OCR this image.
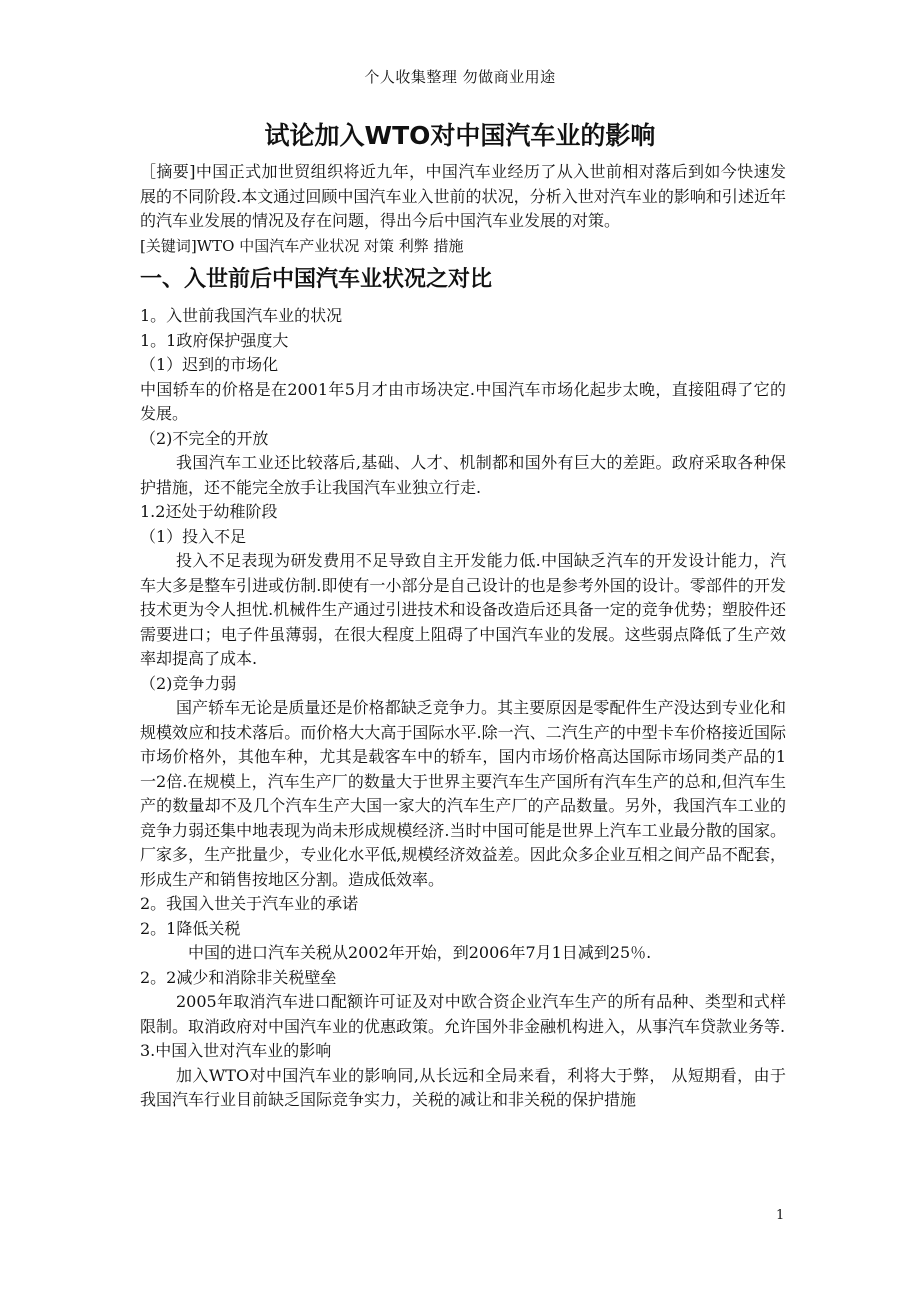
个人收集整理 勿做商业用途
试论加入WTO对中国汽车业的影响

［摘要]中国正式加世贸组织将近九年，中国汽车业经历了从入世前相对落后到如今快速发展的不同阶段.本文通过回顾中国汽车业入世前的状况，分析入世对汽车业的影响和引述近年的汽车业发展的情况及存在问题，得出今后中国汽车业发展的对策。

[关键词]WTO 中国汽车产业状况 对策 利弊 措施

一、入世前后中国汽车业状况之对比

1。入世前我国汽车业的状况

1。1政府保护强度大

（1）迟到的市场化

中国轿车的价格是在2001年5月才由市场决定.中国汽车市场化起步太晚，直接阻碍了它的发展。

（2)不完全的开放

我国汽车工业还比较落后,基础、人才、机制都和国外有巨大的差距。政府采取各种保护措施，还不能完全放手让我国汽车业独立行走.

1.2还处于幼稚阶段

（1）投入不足

投入不足表现为研发费用不足导致自主开发能力低.中国缺乏汽车的开发设计能力，汽车大多是整车引进或仿制.即使有一小部分是自己设计的也是参考外国的设计。零部件的开发技术更为令人担忧.机械件生产通过引进技术和设备改造后还具备一定的竞争优势；塑胶件还需要进口；电子件虽薄弱，在很大程度上阻碍了中国汽车业的发展。这些弱点降低了生产效率却提高了成本.

（2)竞争力弱

国产轿车无论是质量还是价格都缺乏竞争力。其主要原因是零配件生产没达到专业化和规模效应和技术落后。而价格大大高于国际水平.除一汽、二汽生产的中型卡车价格接近国际市场价格外，其他车种，尤其是载客车中的轿车，国内市场价格高达国际市场同类产品的1一2倍.在规模上，汽车生产厂的数量大于世界主要汽车生产国所有汽车生产的总和,但汽车生产的数量却不及几个汽车生产大国一家大的汽车生产厂的产品数量。另外，我国汽车工业的竞争力弱还集中地表现为尚未形成规模经济.当时中国可能是世界上汽车工业最分散的国家。厂家多，生产批量少，专业化水平低,规模经济效益差。因此众多企业互相之间产品不配套，形成生产和销售按地区分割。造成低效率。

2。我国入世关于汽车业的承诺

2。1降低关税

中国的进口汽车关税从2002年开始，到2006年7月1日减到25％.

2。2减少和消除非关税壁垒

2005年取消汽车进口配额许可证及对中欧合资企业汽车生产的所有品种、类型和式样限制。取消政府对中国汽车业的优惠政策。允许国外非金融机构进入，从事汽车贷款业务等.

3.中国入世对汽车业的影响

加入WTO对中国汽车业的影响同,从长远和全局来看，利将大于弊， 从短期看，由于我国汽车行业目前缺乏国际竞争实力，关税的减让和非关税的保护措施

1
